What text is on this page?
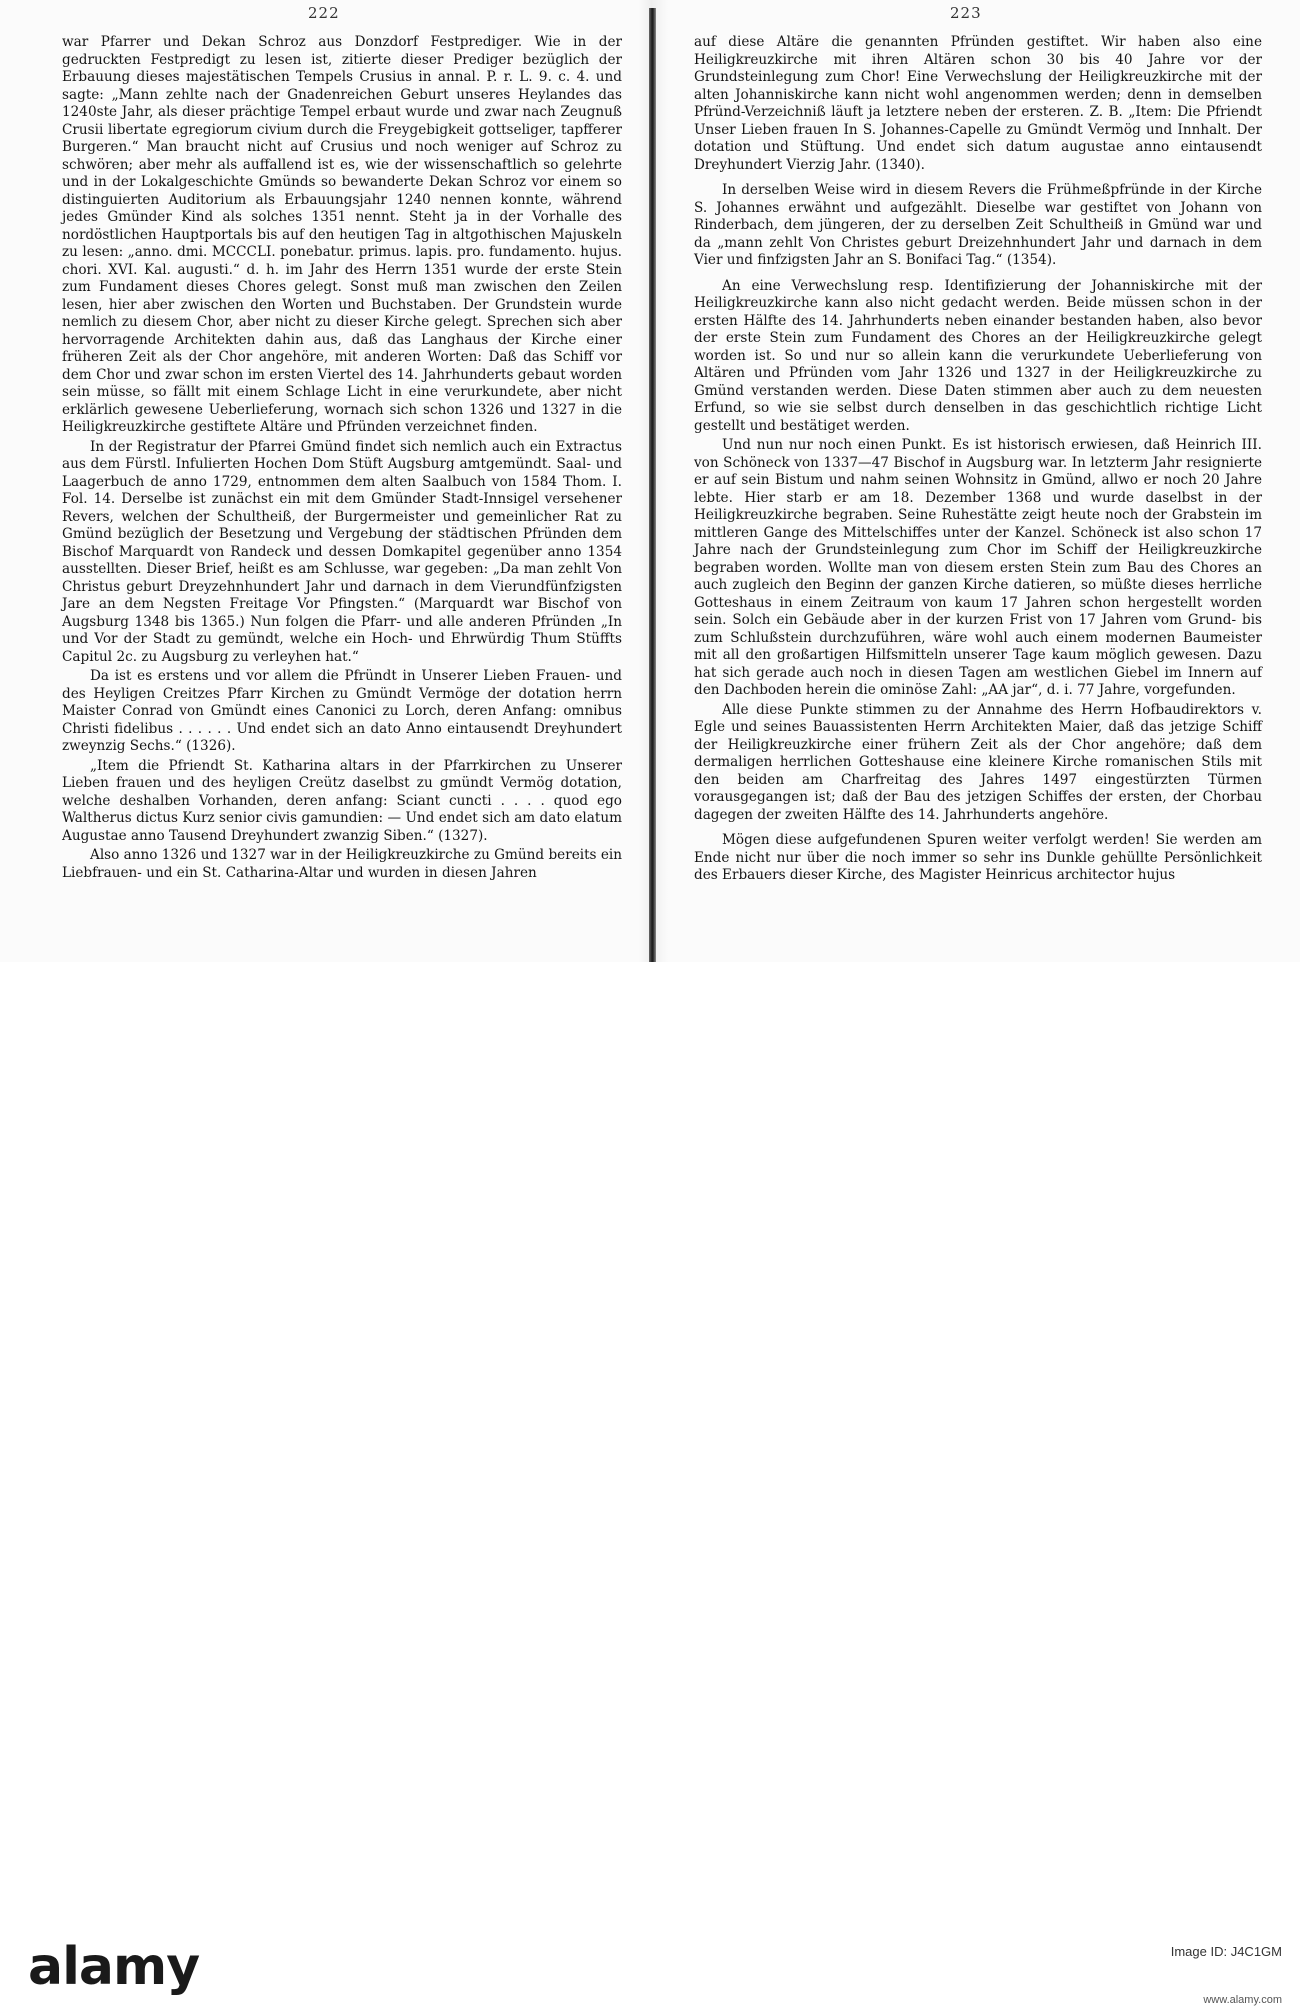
222

war Pfarrer und Dekan Schroz aus Donzdorf Festprediger. Wie in der gedruckten Festpredigt zu lesen ist, zitierte dieser Prediger bezüglich der Erbauung dieses majestätischen Tempels Crusius in annal. P. r. L. 9. c. 4. und sagte: „Mann zehlte nach der Gnadenreichen Geburt unseres Heylandes das 1240ste Jahr, als dieser prächtige Tempel erbaut wurde und zwar nach Zeugnuß Crusii libertate egregiorum civium durch die Freygebigkeit gottseliger, tapfferer Burgeren.“ Man braucht nicht auf Crusius und noch weniger auf Schroz zu schwören; aber mehr als auffallend ist es, wie der wissenschaftlich so gelehrte und in der Lokalgeschichte Gmünds so bewanderte Dekan Schroz vor einem so distinguierten Auditorium als Erbauungsjahr 1240 nennen konnte, während jedes Gmünder Kind als solches 1351 nennt. Steht ja in der Vorhalle des nordöstlichen Hauptportals bis auf den heutigen Tag in altgothischen Majuskeln zu lesen: „anno. dmi. MCCCLI. ponebatur. primus. lapis. pro. fundamento. hujus. chori. XVI. Kal. augusti.“ d. h. im Jahr des Herrn 1351 wurde der erste Stein zum Fundament dieses Chores gelegt. Sonst muß man zwischen den Zeilen lesen, hier aber zwischen den Worten und Buchstaben. Der Grundstein wurde nemlich zu diesem Chor, aber nicht zu dieser Kirche gelegt. Sprechen sich aber hervorragende Architekten dahin aus, daß das Langhaus der Kirche einer früheren Zeit als der Chor angehöre, mit anderen Worten: Daß das Schiff vor dem Chor und zwar schon im ersten Viertel des 14. Jahrhunderts gebaut worden sein müsse, so fällt mit einem Schlage Licht in eine verurkundete, aber nicht erklärlich gewesene Ueberlieferung, wornach sich schon 1326 und 1327 in die Heiligkreuzkirche gestiftete Altäre und Pfründen verzeichnet finden.

In der Registratur der Pfarrei Gmünd findet sich nemlich auch ein Extractus aus dem Fürstl. Infulierten Hochen Dom Stüft Augsburg amtgemündt. Saal- und Laagerbuch de anno 1729, entnommen dem alten Saalbuch von 1584 Thom. I. Fol. 14. Derselbe ist zunächst ein mit dem Gmünder Stadt-Innsigel versehener Revers, welchen der Schultheiß, der Burgermeister und gemeinlicher Rat zu Gmünd bezüglich der Besetzung und Vergebung der städtischen Pfründen dem Bischof Marquardt von Randeck und dessen Domkapitel gegenüber anno 1354 ausstellten. Dieser Brief, heißt es am Schlusse, war gegeben: „Da man zehlt Von Christus geburt Dreyzehnhundert Jahr und darnach in dem Vierundfünfzigsten Jare an dem Negsten Freitage Vor Pfingsten.“ (Marquardt war Bischof von Augsburg 1348 bis 1365.) Nun folgen die Pfarr- und alle anderen Pfründen „In und Vor der Stadt zu gemündt, welche ein Hoch- und Ehrwürdig Thum Stüffts Capitul 2c. zu Augsburg zu verleyhen hat.“

Da ist es erstens und vor allem die Pfründt in Unserer Lieben Frauen- und des Heyligen Creitzes Pfarr Kirchen zu Gmündt Vermöge der dotation herrn Maister Conrad von Gmündt eines Canonici zu Lorch, deren Anfang: omnibus Christi fidelibus . . . . . . Und endet sich an dato Anno eintausendt Dreyhundert zweynzig Sechs.“ (1326).

„Item die Pfriendt St. Katharina altars in der Pfarrkirchen zu Unserer Lieben frauen und des heyligen Creütz daselbst zu gmündt Vermög dotation, welche deshalben Vorhanden, deren anfang: Sciant cuncti . . . . quod ego Waltherus dictus Kurz senior civis gamundien: — Und endet sich am dato elatum Augustae anno Tausend Dreyhundert zwanzig Siben.“ (1327).

Also anno 1326 und 1327 war in der Heiligkreuzkirche zu Gmünd bereits ein Liebfrauen- und ein St. Catharina-Altar und wurden in diesen Jahren

223

auf diese Altäre die genannten Pfründen gestiftet. Wir haben also eine Heiligkreuzkirche mit ihren Altären schon 30 bis 40 Jahre vor der Grundsteinlegung zum Chor! Eine Verwechslung der Heiligkreuzkirche mit der alten Johanniskirche kann nicht wohl angenommen werden; denn in demselben Pfründ-Verzeichniß läuft ja letztere neben der ersteren. Z. B. „Item: Die Pfriendt Unser Lieben frauen In S. Johannes-Capelle zu Gmündt Vermög und Innhalt. Der dotation und Stüftung. Und endet sich datum augustae anno eintausendt Dreyhundert Vierzig Jahr. (1340).

In derselben Weise wird in diesem Revers die Frühmeßpfründe in der Kirche S. Johannes erwähnt und aufgezählt. Dieselbe war gestiftet von Johann von Rinderbach, dem jüngeren, der zu derselben Zeit Schultheiß in Gmünd war und da „mann zehlt Von Christes geburt Dreizehnhundert Jahr und darnach in dem Vier und finfzigsten Jahr an S. Bonifaci Tag.“ (1354).

An eine Verwechslung resp. Identifizierung der Johanniskirche mit der Heiligkreuzkirche kann also nicht gedacht werden. Beide müssen schon in der ersten Hälfte des 14. Jahrhunderts neben einander bestanden haben, also bevor der erste Stein zum Fundament des Chores an der Heiligkreuzkirche gelegt worden ist. So und nur so allein kann die verurkundete Ueberlieferung von Altären und Pfründen vom Jahr 1326 und 1327 in der Heiligkreuzkirche zu Gmünd verstanden werden. Diese Daten stimmen aber auch zu dem neuesten Erfund, so wie sie selbst durch denselben in das geschichtlich richtige Licht gestellt und bestätiget werden.

Und nun nur noch einen Punkt. Es ist historisch erwiesen, daß Heinrich III. von Schöneck von 1337—47 Bischof in Augsburg war. In letzterm Jahr resignierte er auf sein Bistum und nahm seinen Wohnsitz in Gmünd, allwo er noch 20 Jahre lebte. Hier starb er am 18. Dezember 1368 und wurde daselbst in der Heiligkreuzkirche begraben. Seine Ruhestätte zeigt heute noch der Grabstein im mittleren Gange des Mittelschiffes unter der Kanzel. Schöneck ist also schon 17 Jahre nach der Grundsteinlegung zum Chor im Schiff der Heiligkreuzkirche begraben worden. Wollte man von diesem ersten Stein zum Bau des Chores an auch zugleich den Beginn der ganzen Kirche datieren, so müßte dieses herrliche Gotteshaus in einem Zeitraum von kaum 17 Jahren schon hergestellt worden sein. Solch ein Gebäude aber in der kurzen Frist von 17 Jahren vom Grund- bis zum Schlußstein durchzuführen, wäre wohl auch einem modernen Baumeister mit all den großartigen Hilfsmitteln unserer Tage kaum möglich gewesen. Dazu hat sich gerade auch noch in diesen Tagen am westlichen Giebel im Innern auf den Dachboden herein die ominöse Zahl: „AA jar“, d. i. 77 Jahre, vorgefunden.

Alle diese Punkte stimmen zu der Annahme des Herrn Hofbaudirektors v. Egle und seines Bauassistenten Herrn Architekten Maier, daß das jetzige Schiff der Heiligkreuzkirche einer frühern Zeit als der Chor angehöre; daß dem dermaligen herrlichen Gotteshause eine kleinere Kirche romanischen Stils mit den beiden am Charfreitag des Jahres 1497 eingestürzten Türmen vorausgegangen ist; daß der Bau des jetzigen Schiffes der ersten, der Chorbau dagegen der zweiten Hälfte des 14. Jahrhunderts angehöre.

Mögen diese aufgefundenen Spuren weiter verfolgt werden! Sie werden am Ende nicht nur über die noch immer so sehr ins Dunkle gehüllte Persönlichkeit des Erbauers dieser Kirche, des Magister Heinricus architector hujus

alamy	Image ID: J4C1GM
www.alamy.com
